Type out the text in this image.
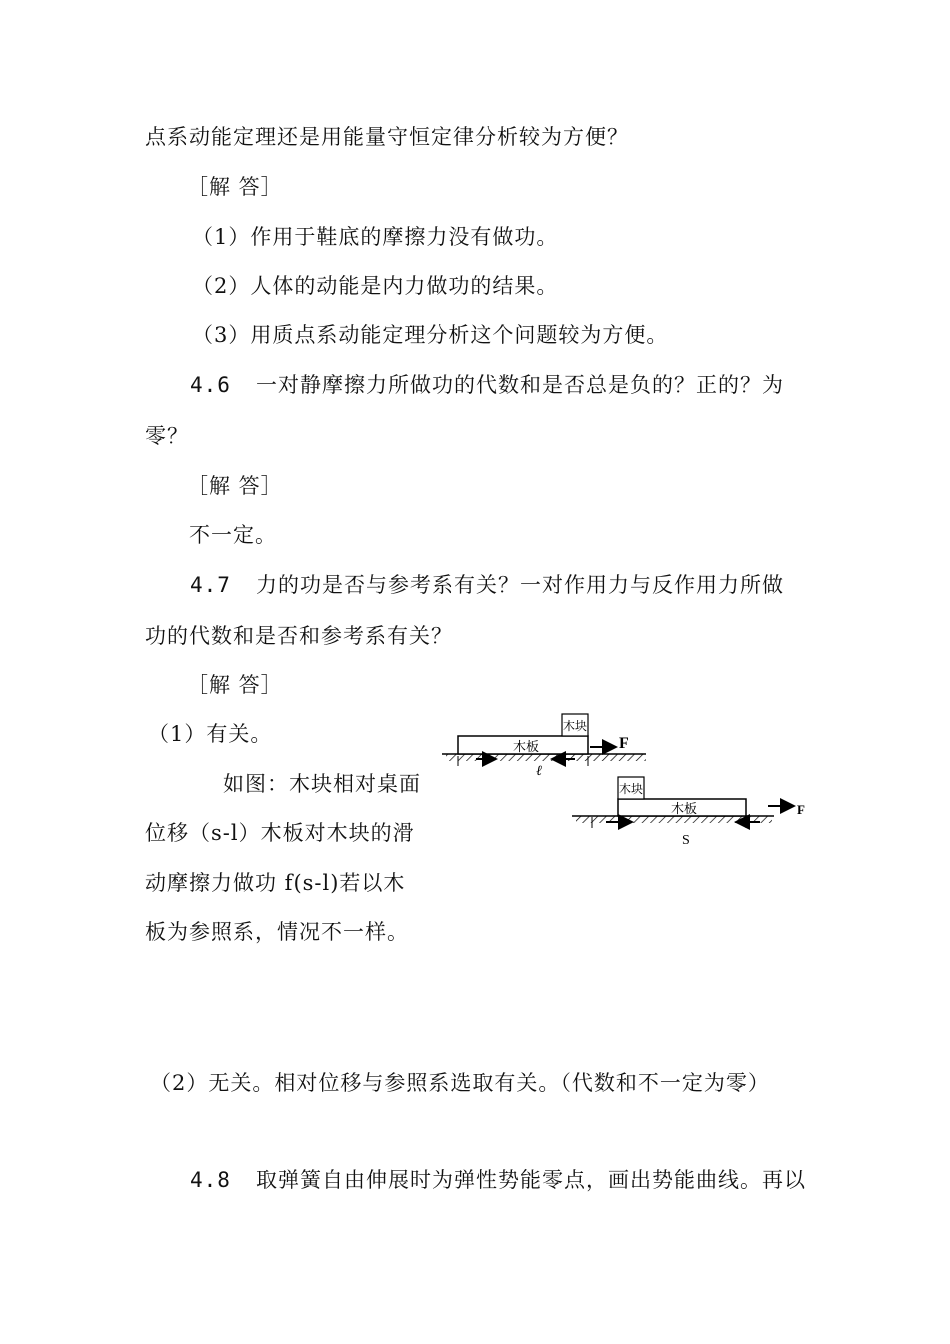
点系动能定理还是用能量守恒定律分析较为方便？
［解 答］
（1）作用于鞋底的摩擦力没有做功。
（2）人体的动能是内力做功的结果。
（3）用质点系动能定理分析这个问题较为方便。
4.6 一对静摩擦力所做功的代数和是否总是负的？正的？为
零？
［解 答］
不一定。
4.7 力的功是否与参考系有关？一对作用力与反作用力所做
功的代数和是否和参考系有关？
［解 答］
（1）有关。
如图：木块相对桌面
位移（s-l）木板对木块的滑
动摩擦力做功 f(s-l)若以木
板为参照系，情况不一样。
（2）无关。相对位移与参照系选取有关。（代数和不一定为零）
4.8 取弹簧自由伸展时为弹性势能零点，画出势能曲线。再以
木块
木板	F
ℓ
木块
木板	F
S
